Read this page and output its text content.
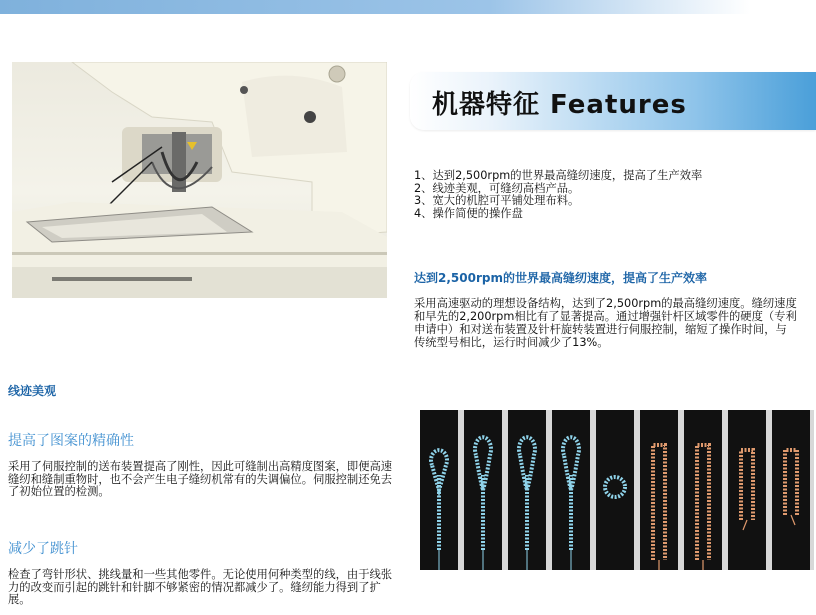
机器特征 Features
1、达到2,500rpm的世界最高缝纫速度，提高了生产效率
2、线迹美观，可缝纫高档产品。
3、宽大的机腔可平铺处理布料。
4、操作简便的操作盘
达到2,500rpm的世界最高缝纫速度，提高了生产效率

采用高速驱动的理想设备结构，达到了2,500rpm的最高缝纫速度。缝纫速度和早先的2,200rpm相比有了显著提高。通过增强针杆区域零件的硬度（专利申请中）和对送布装置及针杆旋转装置进行伺服控制，缩短了操作时间，与传统型号相比，运行时间减少了13%。

线迹美观
提高了图案的精确性

采用了伺服控制的送布装置提高了刚性，因此可缝制出高精度图案，即便高速缝纫和缝制重物时，也不会产生电子缝纫机常有的失调偏位。伺服控制还免去了初始位置的检测。

减少了跳针

检查了弯针形状、挑线量和一些其他零件。无论使用何种类型的线，由于线张力的改变而引起的跳针和针脚不够紧密的情况都减少了。缝纫能力得到了扩展。
